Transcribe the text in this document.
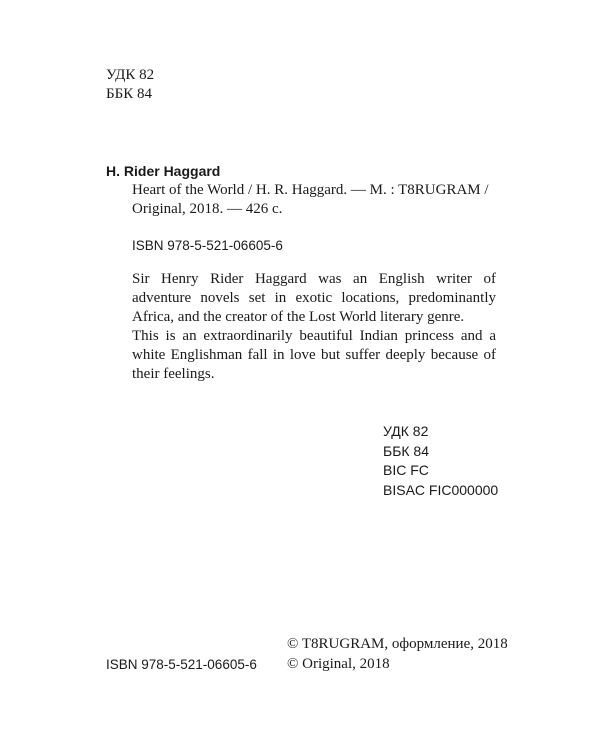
УДК 82
ББК 84
H. Rider Haggard
Heart of the World / H. R. Haggard. — M. : T8RUGRAM /
Original, 2018. — 426 с.
ISBN 978-5-521-06605-6

Sir Henry Rider Haggard was an English writer of adventure novels set in exotic locations, predominantly Africa, and the creator of the Lost World literary genre.

This is an extraordinarily beautiful Indian princess and a white Englishman fall in love but suffer deeply because of their feelings.

УДК 82
ББК 84
BIC FC
BISAC FIC000000
© T8RUGRAM, оформление, 2018
© Original, 2018
ISBN 978-5-521-06605-6
